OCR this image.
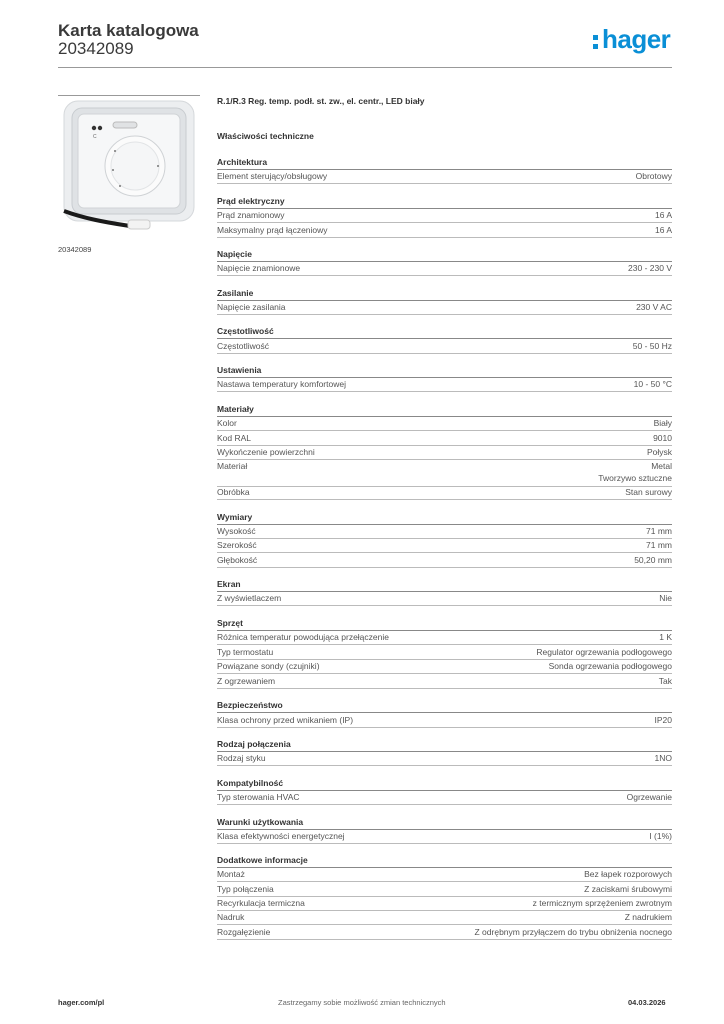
Karta katalogowa
20342089	hager
C
20342089
R.1/R.3 Reg. temp. podł. st. zw., el. centr., LED biały
Właściwości techniczne
Architektura
Element sterujący/obsługowy	Obrotowy
Prąd elektryczny
Prąd znamionowy	16 A
Maksymalny prąd łączeniowy	16 A
Napięcie
Napięcie znamionowe	230 - 230 V
Zasilanie
Napięcie zasilania	230 V AC
Częstotliwość
Częstotliwość	50 - 50 Hz
Ustawienia
Nastawa temperatury komfortowej	10 - 50 °C
Materiały
Kolor	Biały
Kod RAL	9010
Wykończenie powierzchni	Połysk
Materiał	Metal
Tworzywo sztuczne
Obróbka	Stan surowy
Wymiary
Wysokość	71 mm
Szerokość	71 mm
Głębokość	50,20 mm
Ekran
Z wyświetlaczem	Nie
Sprzęt
Różnica temperatur powodująca przełączenie	1 K
Typ termostatu	Regulator ogrzewania podłogowego
Powiązane sondy (czujniki)	Sonda ogrzewania podłogowego
Z ogrzewaniem	Tak
Bezpieczeństwo
Klasa ochrony przed wnikaniem (IP)	IP20
Rodzaj połączenia
Rodzaj styku	1NO
Kompatybilność
Typ sterowania HVAC	Ogrzewanie
Warunki użytkowania
Klasa efektywności energetycznej	I (1%)
Dodatkowe informacje
Montaż	Bez łapek rozporowych
Typ połączenia	Z zaciskami śrubowymi
Recyrkulacja termiczna	z termicznym sprzężeniem zwrotnym
Nadruk	Z nadrukiem
Rozgałęzienie	Z odrębnym przyłączem do trybu obniżenia nocnego
hager.com/pl	Zastrzegamy sobie możliwość zmian technicznych	04.03.2026
